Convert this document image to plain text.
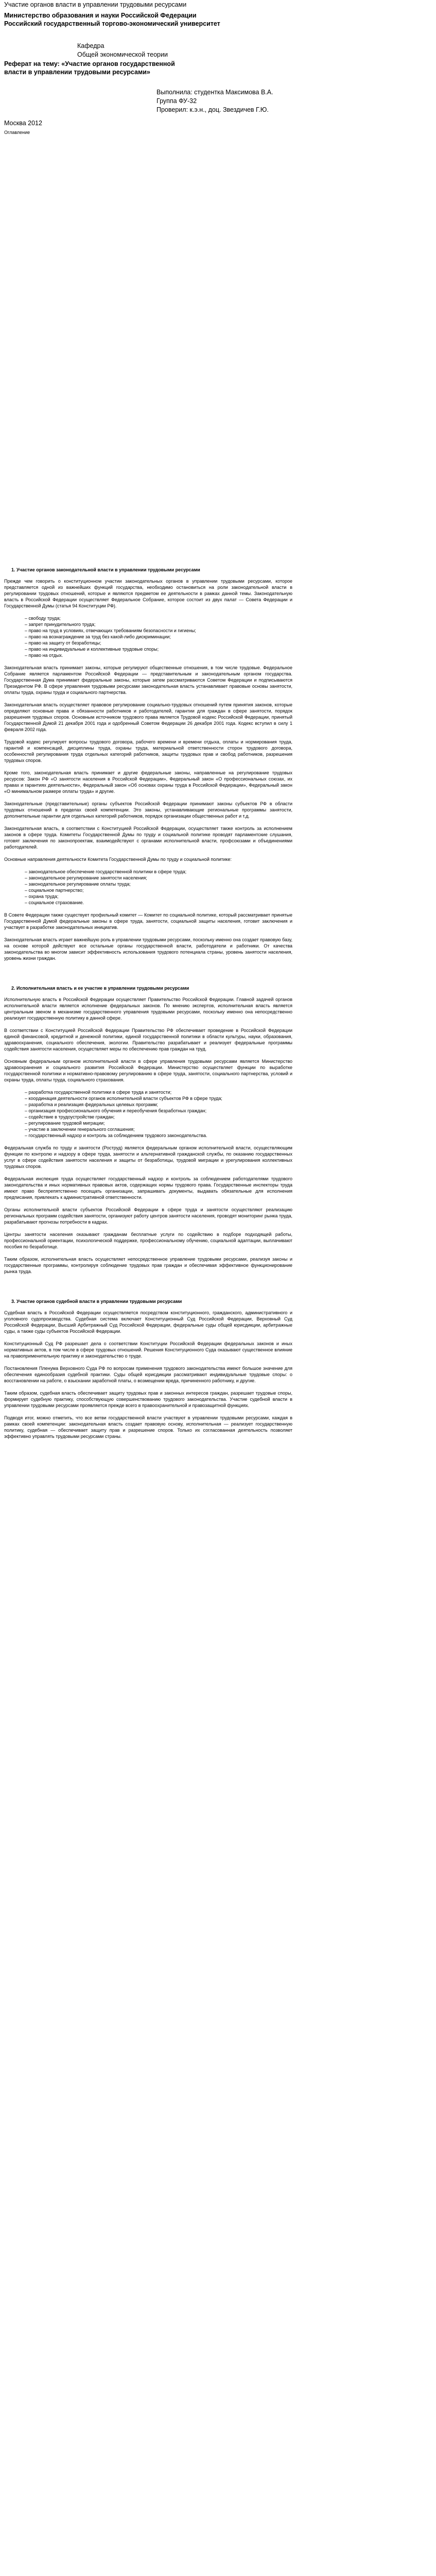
Участие органов власти в управлении трудовыми ресурсами
Министерство образования и науки Российской Федерации
Российский государственный торгово-экономический университет
Кафедра
Общей экономической теории
Реферат на тему: «Участие органов государственной власти в управлении трудовыми ресурсами»
Выполнила: студентка Максимова В.А.
Группа ФУ-32
Проверил: к.э.н., доц. Звездичев Г.Ю.
Москва 2012
Оглавление
1. Участие органов законодательной власти в управлении трудовыми ресурсами

Прежде чем говорить о конституционном участии законодательных органов в управлении трудовыми ресурсами, которое представляется одной из важнейших функций государства, необходимо остановиться на роли законодательной власти в регулировании трудовых отношений, которые и являются предметом ее деятельности в рамках данной темы. Законодательную власть в Российской Федерации осуществляет Федеральное Собрание, которое состоит из двух палат — Совета Федерации и Государственной Думы (статья 94 Конституции РФ).

– свободу труда;
– запрет принудительного труда;
– право на труд в условиях, отвечающих требованиям безопасности и гигиены;
– право на вознаграждение за труд без какой-либо дискриминации;
– право на защиту от безработицы;
– право на индивидуальные и коллективные трудовые споры;
– право на отдых.

Законодательная власть принимает законы, которые регулируют общественные отношения, в том числе трудовые. Федеральное Собрание является парламентом Российской Федерации — представительным и законодательным органом государства. Государственная Дума принимает федеральные законы, которые затем рассматриваются Советом Федерации и подписываются Президентом РФ. В сфере управления трудовыми ресурсами законодательная власть устанавливает правовые основы занятости, оплаты труда, охраны труда и социального партнерства.

Законодательная власть осуществляет правовое регулирование социально-трудовых отношений путем принятия законов, которые определяют основные права и обязанности работников и работодателей, гарантии для граждан в сфере занятости, порядок разрешения трудовых споров. Основным источником трудового права является Трудовой кодекс Российской Федерации, принятый Государственной Думой 21 декабря 2001 года и одобренный Советом Федерации 26 декабря 2001 года. Кодекс вступил в силу 1 февраля 2002 года.

Трудовой кодекс регулирует вопросы трудового договора, рабочего времени и времени отдыха, оплаты и нормирования труда, гарантий и компенсаций, дисциплины труда, охраны труда, материальной ответственности сторон трудового договора, особенностей регулирования труда отдельных категорий работников, защиты трудовых прав и свобод работников, разрешения трудовых споров.

Кроме того, законодательная власть принимает и другие федеральные законы, направленные на регулирование трудовых ресурсов: Закон РФ «О занятости населения в Российской Федерации», Федеральный закон «О профессиональных союзах, их правах и гарантиях деятельности», Федеральный закон «Об основах охраны труда в Российской Федерации», Федеральный закон «О минимальном размере оплаты труда» и другие.

Законодательные (представительные) органы субъектов Российской Федерации принимают законы субъектов РФ в области трудовых отношений в пределах своей компетенции. Это законы, устанавливающие региональные программы занятости, дополнительные гарантии для отдельных категорий работников, порядок организации общественных работ и т.д.

Законодательная власть, в соответствии с Конституцией Российской Федерации, осуществляет также контроль за исполнением законов в сфере труда. Комитеты Государственной Думы по труду и социальной политике проводят парламентские слушания, готовят заключения по законопроектам, взаимодействуют с органами исполнительной власти, профсоюзами и объединениями работодателей.

Основные направления деятельности Комитета Государственной Думы по труду и социальной политике:

– законодательное обеспечение государственной политики в сфере труда;
– законодательное регулирование занятости населения;
– законодательное регулирование оплаты труда;
– социальное партнерство;
– охрана труда;
– социальное страхование.

В Совете Федерации также существует профильный комитет — Комитет по социальной политике, который рассматривает принятые Государственной Думой федеральные законы в сфере труда, занятости, социальной защиты населения, готовит заключения и участвует в разработке законодательных инициатив.

Законодательная власть играет важнейшую роль в управлении трудовыми ресурсами, поскольку именно она создает правовую базу, на основе которой действуют все остальные органы государственной власти, работодатели и работники. От качества законодательства во многом зависит эффективность использования трудового потенциала страны, уровень занятости населения, уровень жизни граждан.

2. Исполнительная власть и ее участие в управлении трудовыми ресурсами

Исполнительную власть в Российской Федерации осуществляет Правительство Российской Федерации. Главной задачей органов исполнительной власти является исполнение федеральных законов. По мнению экспертов, исполнительная власть является центральным звеном в механизме государственного управления трудовыми ресурсами, поскольку именно она непосредственно реализует государственную политику в данной сфере.

В соответствии с Конституцией Российской Федерации Правительство РФ обеспечивает проведение в Российской Федерации единой финансовой, кредитной и денежной политики, единой государственной политики в области культуры, науки, образования, здравоохранения, социального обеспечения, экологии. Правительство разрабатывает и реализует федеральные программы содействия занятости населения, осуществляет меры по обеспечению прав граждан на труд.

Основным федеральным органом исполнительной власти в сфере управления трудовыми ресурсами является Министерство здравоохранения и социального развития Российской Федерации. Министерство осуществляет функции по выработке государственной политики и нормативно-правовому регулированию в сфере труда, занятости, социального партнерства, условий и охраны труда, оплаты труда, социального страхования.

– разработка государственной политики в сфере труда и занятости;
– координация деятельности органов исполнительной власти субъектов РФ в сфере труда;
– разработка и реализация федеральных целевых программ;
– организация профессионального обучения и переобучения безработных граждан;
– содействие в трудоустройстве граждан;
– регулирование трудовой миграции;
– участие в заключении генерального соглашения;
– государственный надзор и контроль за соблюдением трудового законодательства.

Федеральная служба по труду и занятости (Роструд) является федеральным органом исполнительной власти, осуществляющим функции по контролю и надзору в сфере труда, занятости и альтернативной гражданской службы, по оказанию государственных услуг в сфере содействия занятости населения и защиты от безработицы, трудовой миграции и урегулирования коллективных трудовых споров.

Федеральная инспекция труда осуществляет государственный надзор и контроль за соблюдением работодателями трудового законодательства и иных нормативных правовых актов, содержащих нормы трудового права. Государственные инспекторы труда имеют право беспрепятственно посещать организации, запрашивать документы, выдавать обязательные для исполнения предписания, привлекать к административной ответственности.

Органы исполнительной власти субъектов Российской Федерации в сфере труда и занятости осуществляют реализацию региональных программ содействия занятости, организуют работу центров занятости населения, проводят мониторинг рынка труда, разрабатывают прогнозы потребности в кадрах.

Центры занятости населения оказывают гражданам бесплатные услуги по содействию в подборе подходящей работы, профессиональной ориентации, психологической поддержке, профессиональному обучению, социальной адаптации, выплачивают пособия по безработице.

Таким образом, исполнительная власть осуществляет непосредственное управление трудовыми ресурсами, реализуя законы и государственные программы, контролируя соблюдение трудовых прав граждан и обеспечивая эффективное функционирование рынка труда.

3. Участие органов судебной власти в управлении трудовыми ресурсами

Судебная власть в Российской Федерации осуществляется посредством конституционного, гражданского, административного и уголовного судопроизводства. Судебная система включает Конституционный Суд Российской Федерации, Верховный Суд Российской Федерации, Высший Арбитражный Суд Российской Федерации, федеральные суды общей юрисдикции, арбитражные суды, а также суды субъектов Российской Федерации.

Конституционный Суд РФ разрешает дела о соответствии Конституции Российской Федерации федеральных законов и иных нормативных актов, в том числе в сфере трудовых отношений. Решения Конституционного Суда оказывают существенное влияние на правоприменительную практику и законодательство о труде.

Постановления Пленума Верховного Суда РФ по вопросам применения трудового законодательства имеют большое значение для обеспечения единообразия судебной практики. Суды общей юрисдикции рассматривают индивидуальные трудовые споры: о восстановлении на работе, о взыскании заработной платы, о возмещении вреда, причиненного работнику, и другие.

Таким образом, судебная власть обеспечивает защиту трудовых прав и законных интересов граждан, разрешает трудовые споры, формирует судебную практику, способствующую совершенствованию трудового законодательства. Участие судебной власти в управлении трудовыми ресурсами проявляется прежде всего в правоохранительной и правозащитной функциях.

Подводя итог, можно отметить, что все ветви государственной власти участвуют в управлении трудовыми ресурсами, каждая в рамках своей компетенции: законодательная власть создает правовую основу, исполнительная — реализует государственную политику, судебная — обеспечивает защиту прав и разрешение споров. Только их согласованная деятельность позволяет эффективно управлять трудовыми ресурсами страны.
